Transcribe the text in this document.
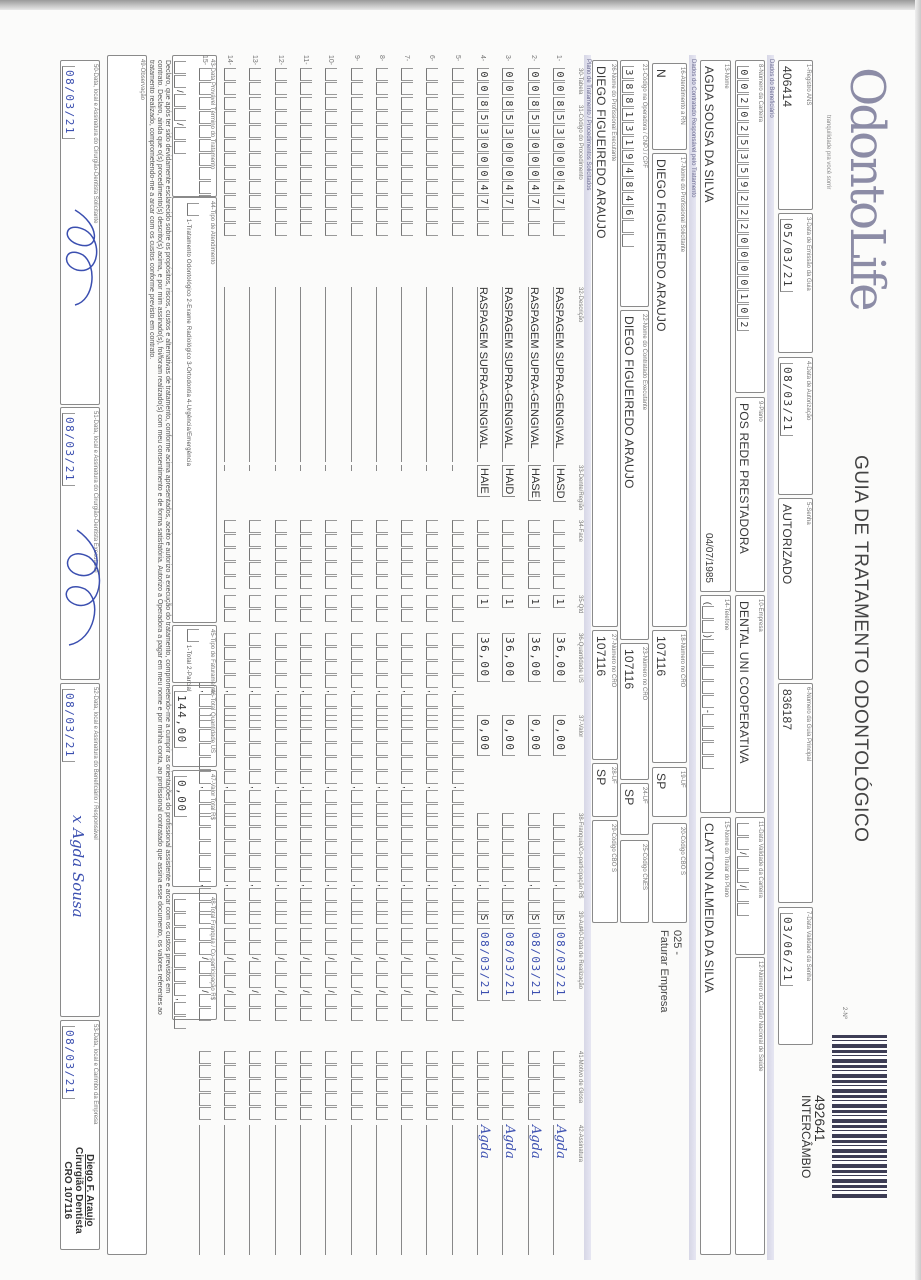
OdontoLife
tranquilidade pra você sorrir
GUIA DE TRATAMENTO ODONTOLÓGICO
2-Nº
492641
INTERCÂMBIO
Dados do Beneficiário
Dados do Contratado Responsável pelo Tratamento
Plano de Tratamento / Procedimentos Solicitados
025 -
Faturar Empresa
1-Registro ANS
406414
3-Data de Emissão da Guia
05/03/21
4-Data de Autorização
08/03/21
5-Senha
AUTORIZADO
6-Número da Guia Principal
836187
7-Data Validade da Senha
03/06/21
8-Número da Carteira
0
0
2
0
2
5
3
5
9
2
2
2
0
0
0
0
1
0
2
9-Plano
POS REDE PRESTADORA
10-Empresa
DENTAL UNI COOPERATIVA
11-Data Validade da Carteira
/
/
12-Número do Cartão Nacional de Saúde
13-Nome
AGDA SOUSA DA SILVA
04/07/1985
14-Telefone
(
)
-
15-Nome do Titular do Plano
CLAYTON ALMEIDA DA SILVA
16-Atendimento a RN
N
17-Nome do Profissional Solicitante
DIEGO FIGUEIREDO ARAUJO
18-Número no CRO
107116
19-UF
SP
20-Código CBO S
21-Código na Operadora / CNPJ / CPF
3
8
8
1
3
1
9
4
8
4
6
22-Nome do Contratado Executante
DIEGO FIGUEIREDO ARAUJO
23-Número no CRO
107116
24-UF
SP
25-Código CNES
26-Nome do Profissional Executante
DIEGO FIGUEIREDO ARAUJO
27-Número no CRO
107116
28-UF
SP
29-Código CBO S
43-Data Provável Término do Tratamento
/
/
46-Total Quantidade US
144,00
47-Valor Total R$
0,00
48-Total Franquia / Co-participação R$
,
49-Observação
50-Data, local e Assinatura do Cirurgião-Dentista Solicitante
08/03/21
51-Data, local e Assinatura do Cirurgião-Dentista Executante
08/03/21
52-Data, local e Assinatura do Beneficiário / Responsável
08/03/21
53-Data, local e Carimbo da Empresa
08/03/21
30-Tabela
31-Código do Procedimento
32-Descrição
33-Dente/Região
34-Face
35-Qtd
36-Quantidade US
37-Valor
38-Franquia/Co-participação R$
39-Aut
40-Data de Realização
41-Motivo de Glosa
42-Assinatura
1-
0
0
8
5
3
0
0
0
4
7
RASPAGEM SUPRA-GENGIVAL
HASD
1
36,00
0,00
,
S
08/03/21
Agda
2-
0
0
8
5
3
0
0
0
4
7
RASPAGEM SUPRA-GENGIVAL
HASE
1
36,00
0,00
,
S
08/03/21
Agda
3-
0
0
8
5
3
0
0
0
4
7
RASPAGEM SUPRA-GENGIVAL
HAID
1
36,00
0,00
,
S
08/03/21
Agda
4-
0
0
8
5
3
0
0
0
4
7
RASPAGEM SUPRA-GENGIVAL
HAIE
1
36,00
0,00
,
S
08/03/21
Agda
5-
,
,
,
/
/
6-
,
,
,
/
/
7-
,
,
,
/
/
8-
,
,
,
/
/
9-
,
,
,
/
/
10-
,
,
,
/
/
11-
,
,
,
/
/
12-
,
,
,
/
/
13-
,
,
,
/
/
14-
,
,
,
/
/
15-
,
,
,
/
/
44-Tipo de Atendimento
1-Tratamento Odontológico 2-Exame Radiológico 3-Ortodontia 4-Urgência/Emergência
45-Tipo de Faturamento
1-Total 2-Parcial
Declaro, que após ter sido devidamente esclarecido sobre os propósitos, riscos, custos e alternativas de tratamento, conforme acima apresentados, aceito e autorizo a execução do tratamento, comprometendo-me a cumprir as orientações do profissional assistente e arcar com os custos previstos em contrato. Declaro, ainda que o(s) procedimento(s) descrito(s) acima, e por mim assinado(s), foi/foram realizado(s) com meu consentimento e de forma satisfatória. Autorizo a Operadora a pagar em meu nome e por minha conta, ao profissional contratado que assina esse documento, os valores referentes ao tratamento realizado, comprometendo-me a arcar com os custos conforme previsto em contrato.
Diego F. Araujo
Cirurgião Dentista
CRO 107116
x Agda Sousa
